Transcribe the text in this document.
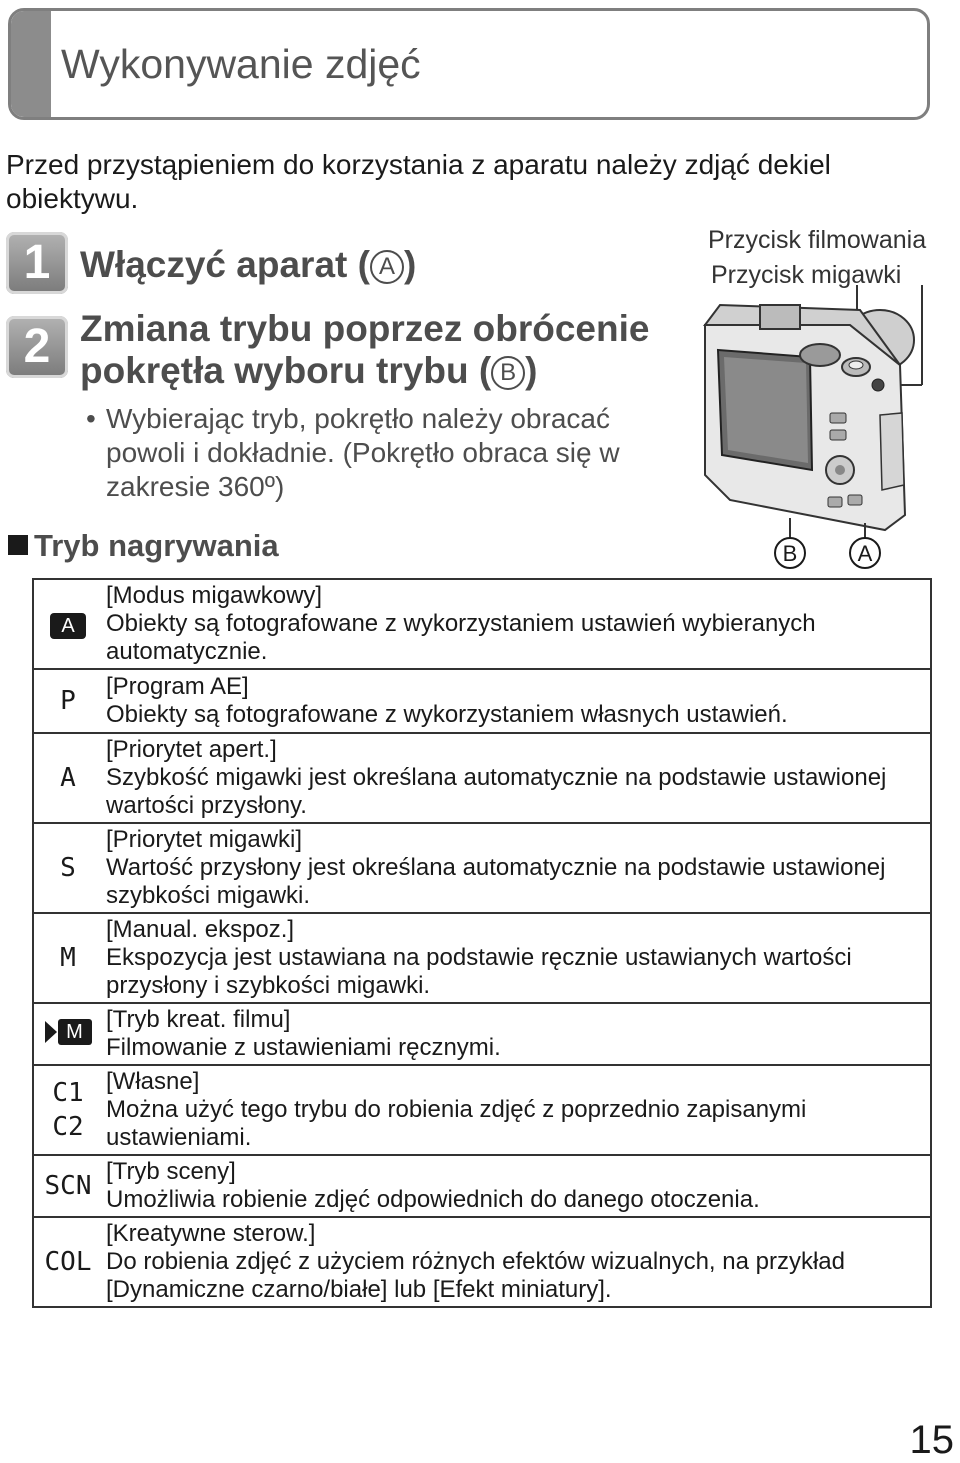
Wykonywanie zdjęć

Przed przystąpieniem do korzystania z aparatu należy zdjąć dekiel obiektywu.

1 Włączyć aparat ( A )
2 Zmiana trybu poprzez obrócenie pokrętła wyboru trybu ( B )

• Wybierając tryb, pokrętło należy obracać powoli i dokładnie. (Pokrętło obraca się w zakresie 360º)

Przycisk filmowania
Przycisk migawki
B	A
Tryb nagrywania
A	[Modus migawkowy]
Obiekty są fotografowane z wykorzystaniem ustawień wybieranych automatycznie.

P	[Program AE]
Obiekty są fotografowane z wykorzystaniem własnych ustawień.

A	[Priorytet apert.]
Szybkość migawki jest określana automatycznie na podstawie ustawionej wartości przysłony.

S	[Priorytet migawki]
Wartość przysłony jest określana automatycznie na podstawie ustawionej szybkości migawki.

M	[Manual. ekspoz.]
Ekspozycja jest ustawiana na podstawie ręcznie ustawianych wartości przysłony i szybkości migawki.

M	[Tryb kreat. filmu]
Filmowanie z ustawieniami ręcznymi.

C1
C2	[Własne]
Można użyć tego trybu do robienia zdjęć z poprzednio zapisanymi ustawieniami.

SCN	[Tryb sceny]
Umożliwia robienie zdjęć odpowiednich do danego otoczenia.

COL	[Kreatywne sterow.]
Do robienia zdjęć z użyciem różnych efektów wizualnych, na przykład [Dynamiczne czarno/białe] lub [Efekt miniatury].
15
